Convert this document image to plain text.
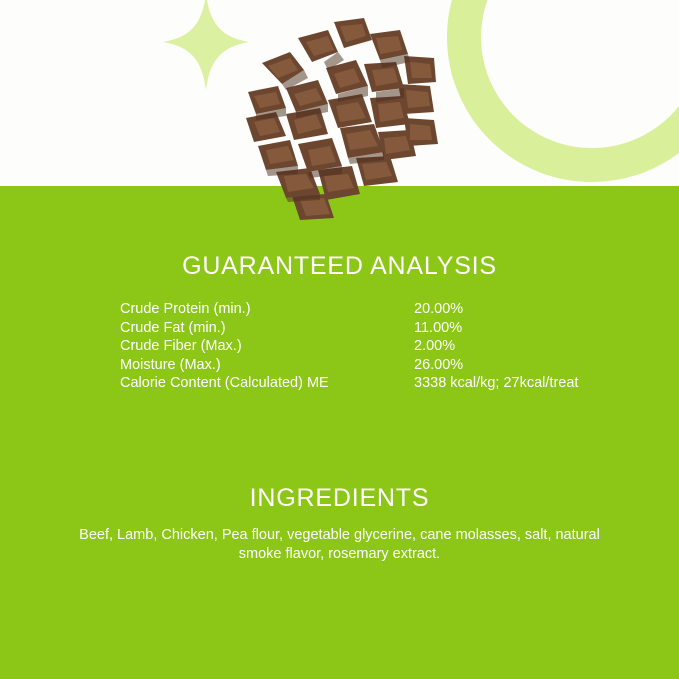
GUARANTEED ANALYSIS
Crude Protein (min.)	20.00%
Crude Fat (min.)	11.00%
Crude Fiber (Max.)	2.00%
Moisture (Max.)	26.00%
Calorie Content (Calculated) ME	3338 kcal/kg; 27kcal/treat
INGREDIENTS
Beef, Lamb, Chicken, Pea flour, vegetable glycerine, cane molasses, salt, natural smoke flavor, rosemary extract.
